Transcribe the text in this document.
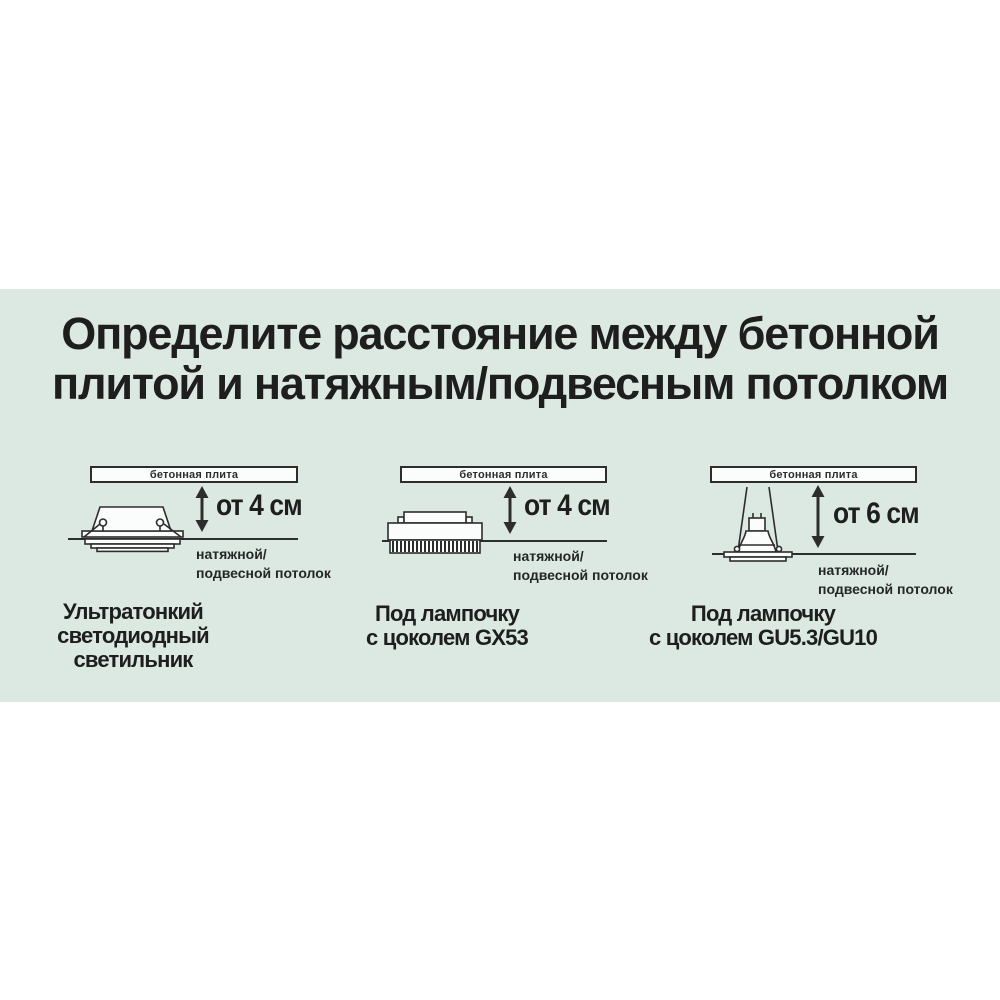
Определите расстояние между бетонной
плитой и натяжным/подвесным потолком
бетонная плита
от 4 см
натяжной/
подвесной потолок
Ультратонкий
светодиодный
светильник
бетонная плита
от 4 см
натяжной/
подвесной потолок
Под лампочку
с цоколем GX53
бетонная плита
от 6 см
натяжной/
подвесной потолок
Под лампочку
с цоколем GU5.3/GU10
